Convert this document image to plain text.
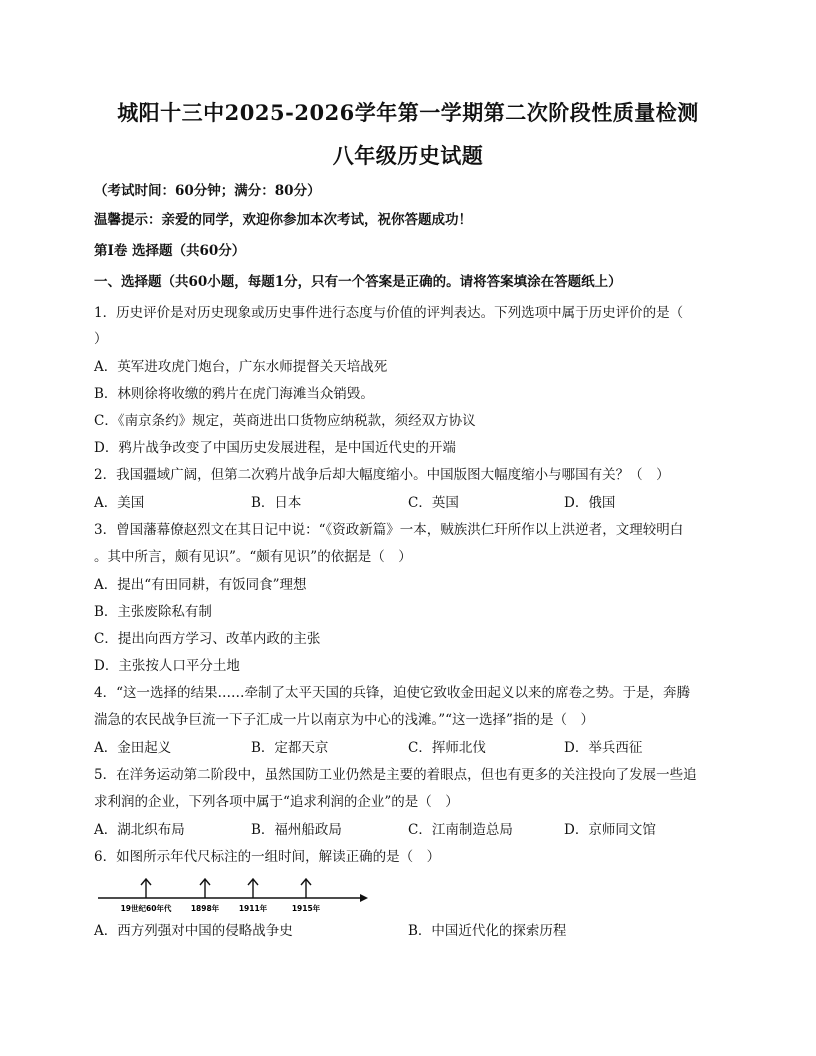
城阳十三中2025-2026学年第一学期第二次阶段性质量检测
八年级历史试题
（考试时间：60分钟；满分：80分）
温馨提示：亲爱的同学，欢迎你参加本次考试，祝你答题成功！
第Ⅰ卷 选择题（共60分）
一、选择题（共60小题，每题1分，只有一个答案是正确的。请将答案填涂在答题纸上）
1．历史评价是对历史现象或历史事件进行态度与价值的评判表达。下列选项中属于历史评价的是（
）
A．英军进攻虎门炮台，广东水师提督关天培战死
B．林则徐将收缴的鸦片在虎门海滩当众销毁。
C．《南京条约》规定，英商进出口货物应纳税款，须经双方协议
D．鸦片战争改变了中国历史发展进程，是中国近代史的开端
2．我国疆域广阔，但第二次鸦片战争后却大幅度缩小。中国版图大幅度缩小与哪国有关？（　）
A．美国	B．日本	C．英国	D．俄国
3．曾国藩幕僚赵烈文在其日记中说：“《资政新篇》一本，贼族洪仁玕所作以上洪逆者，文理较明白
。其中所言，颇有见识”。“颇有见识”的依据是（　）
A．提出“有田同耕，有饭同食”理想
B．主张废除私有制
C．提出向西方学习、改革内政的主张
D．主张按人口平分土地
4．“这一选择的结果……牵制了太平天国的兵锋，迫使它致收金田起义以来的席卷之势。于是，奔腾
湍急的农民战争巨流一下子汇成一片以南京为中心的浅滩。”“这一选择”指的是（　）
A．金田起义	B．定都天京	C．挥师北伐	D．举兵西征
5．在洋务运动第二阶段中，虽然国防工业仍然是主要的着眼点，但也有更多的关注投向了发展一些追
求利润的企业，下列各项中属于“追求利润的企业”的是（　）
A．湖北织布局	B．福州船政局	C．江南制造总局	D．京师同文馆
6．如图所示年代尺标注的一组时间，解读正确的是（　）
19世纪60年代	1898年	1911年	1915年
A．西方列强对中国的侵略战争史	B．中国近代化的探索历程
